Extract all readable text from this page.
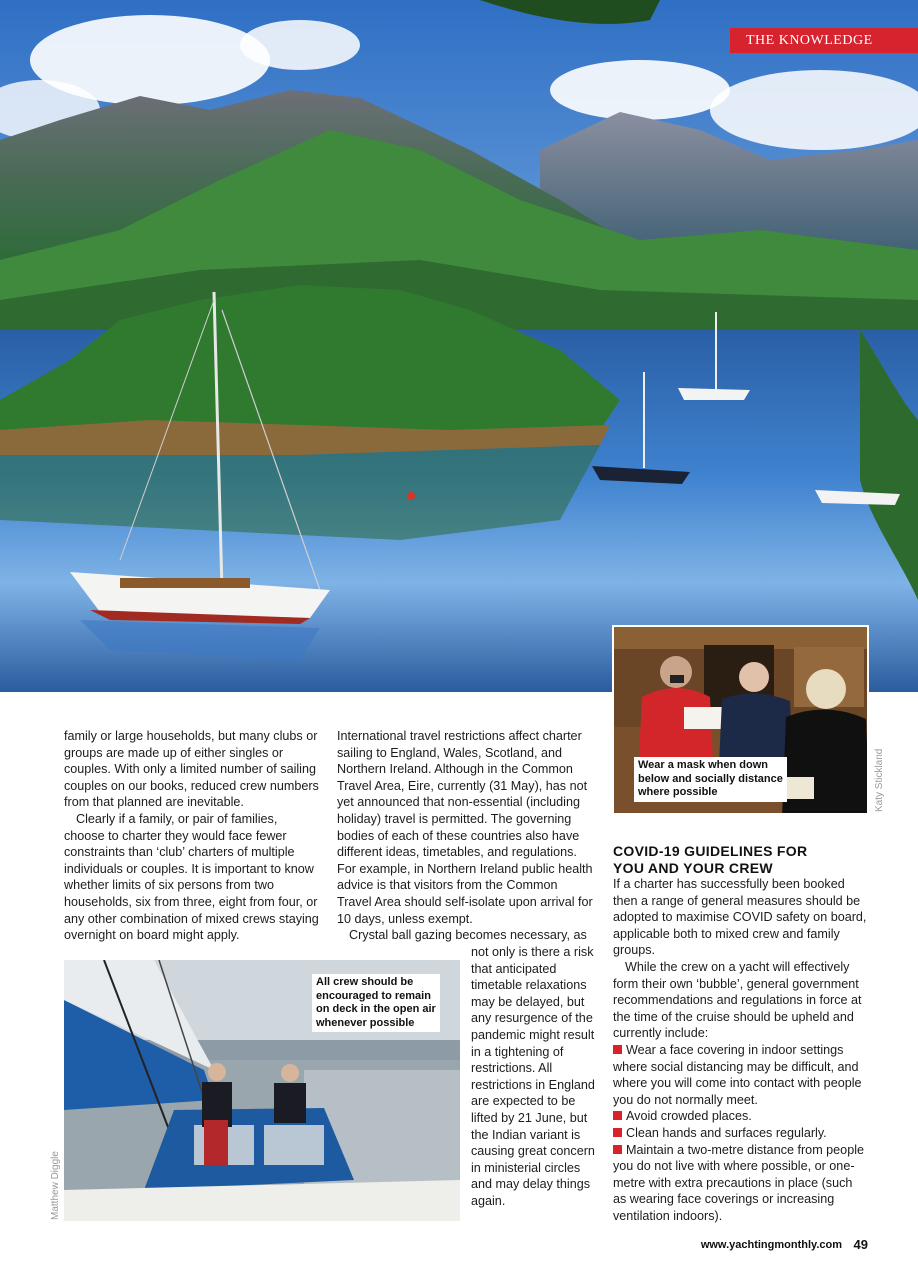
THE KNOWLEDGE
Wear a mask when down
below and socially distance
where possible	Katy Stickland

family or large households, but many clubs or groups are made up of either singles or couples. With only a limited number of sailing couples on our books, reduced crew numbers from that planned are inevitable.

Clearly if a family, or pair of families, choose to charter they would face fewer constraints than ‘club’ charters of multiple individuals or couples. It is important to know whether limits of six persons from two households, six from three, eight from four, or any other combination of mixed crews staying overnight on board might apply.

International travel restrictions affect charter sailing to England, Wales, Scotland, and Northern Ireland. Although in the Common Travel Area, Eire, currently (31 May), has not yet announced that non-essential (including holiday) travel is permitted. The governing bodies of each of these countries also have different ideas, timetables, and regulations. For example, in Northern Ireland public health advice is that visitors from the Common Travel Area should self-isolate upon arrival for 10 days, unless exempt.

Crystal ball gazing becomes necessary, as

not only is there a risk that anticipated timetable relaxations may be delayed, but any resurgence of the pandemic might result in a tightening of restrictions. All restrictions in England are expected to be lifted by 21 June, but the Indian variant is causing great concern in ministerial circles and may delay things again.

All crew should be
encouraged to remain
on deck in the open air
whenever possible
Matthew Diggle
COVID-19 GUIDELINES FOR
YOU AND YOUR CREW

If a charter has successfully been booked then a range of general measures should be adopted to maximise COVID safety on board, applicable both to mixed crew and family groups.

While the crew on a yacht will effectively form their own ‘bubble’, general government recommendations and regulations in force at the time of the cruise should be upheld and currently include:

Wear a face covering in indoor settings where social distancing may be difficult, and where you will come into contact with people you do not normally meet.

Avoid crowded places.

Clean hands and surfaces regularly.

Maintain a two-metre distance from people you do not live with where possible, or one-metre with extra precautions in place (such as wearing face coverings or increasing ventilation indoors).

www.yachtingmonthly.com 49
